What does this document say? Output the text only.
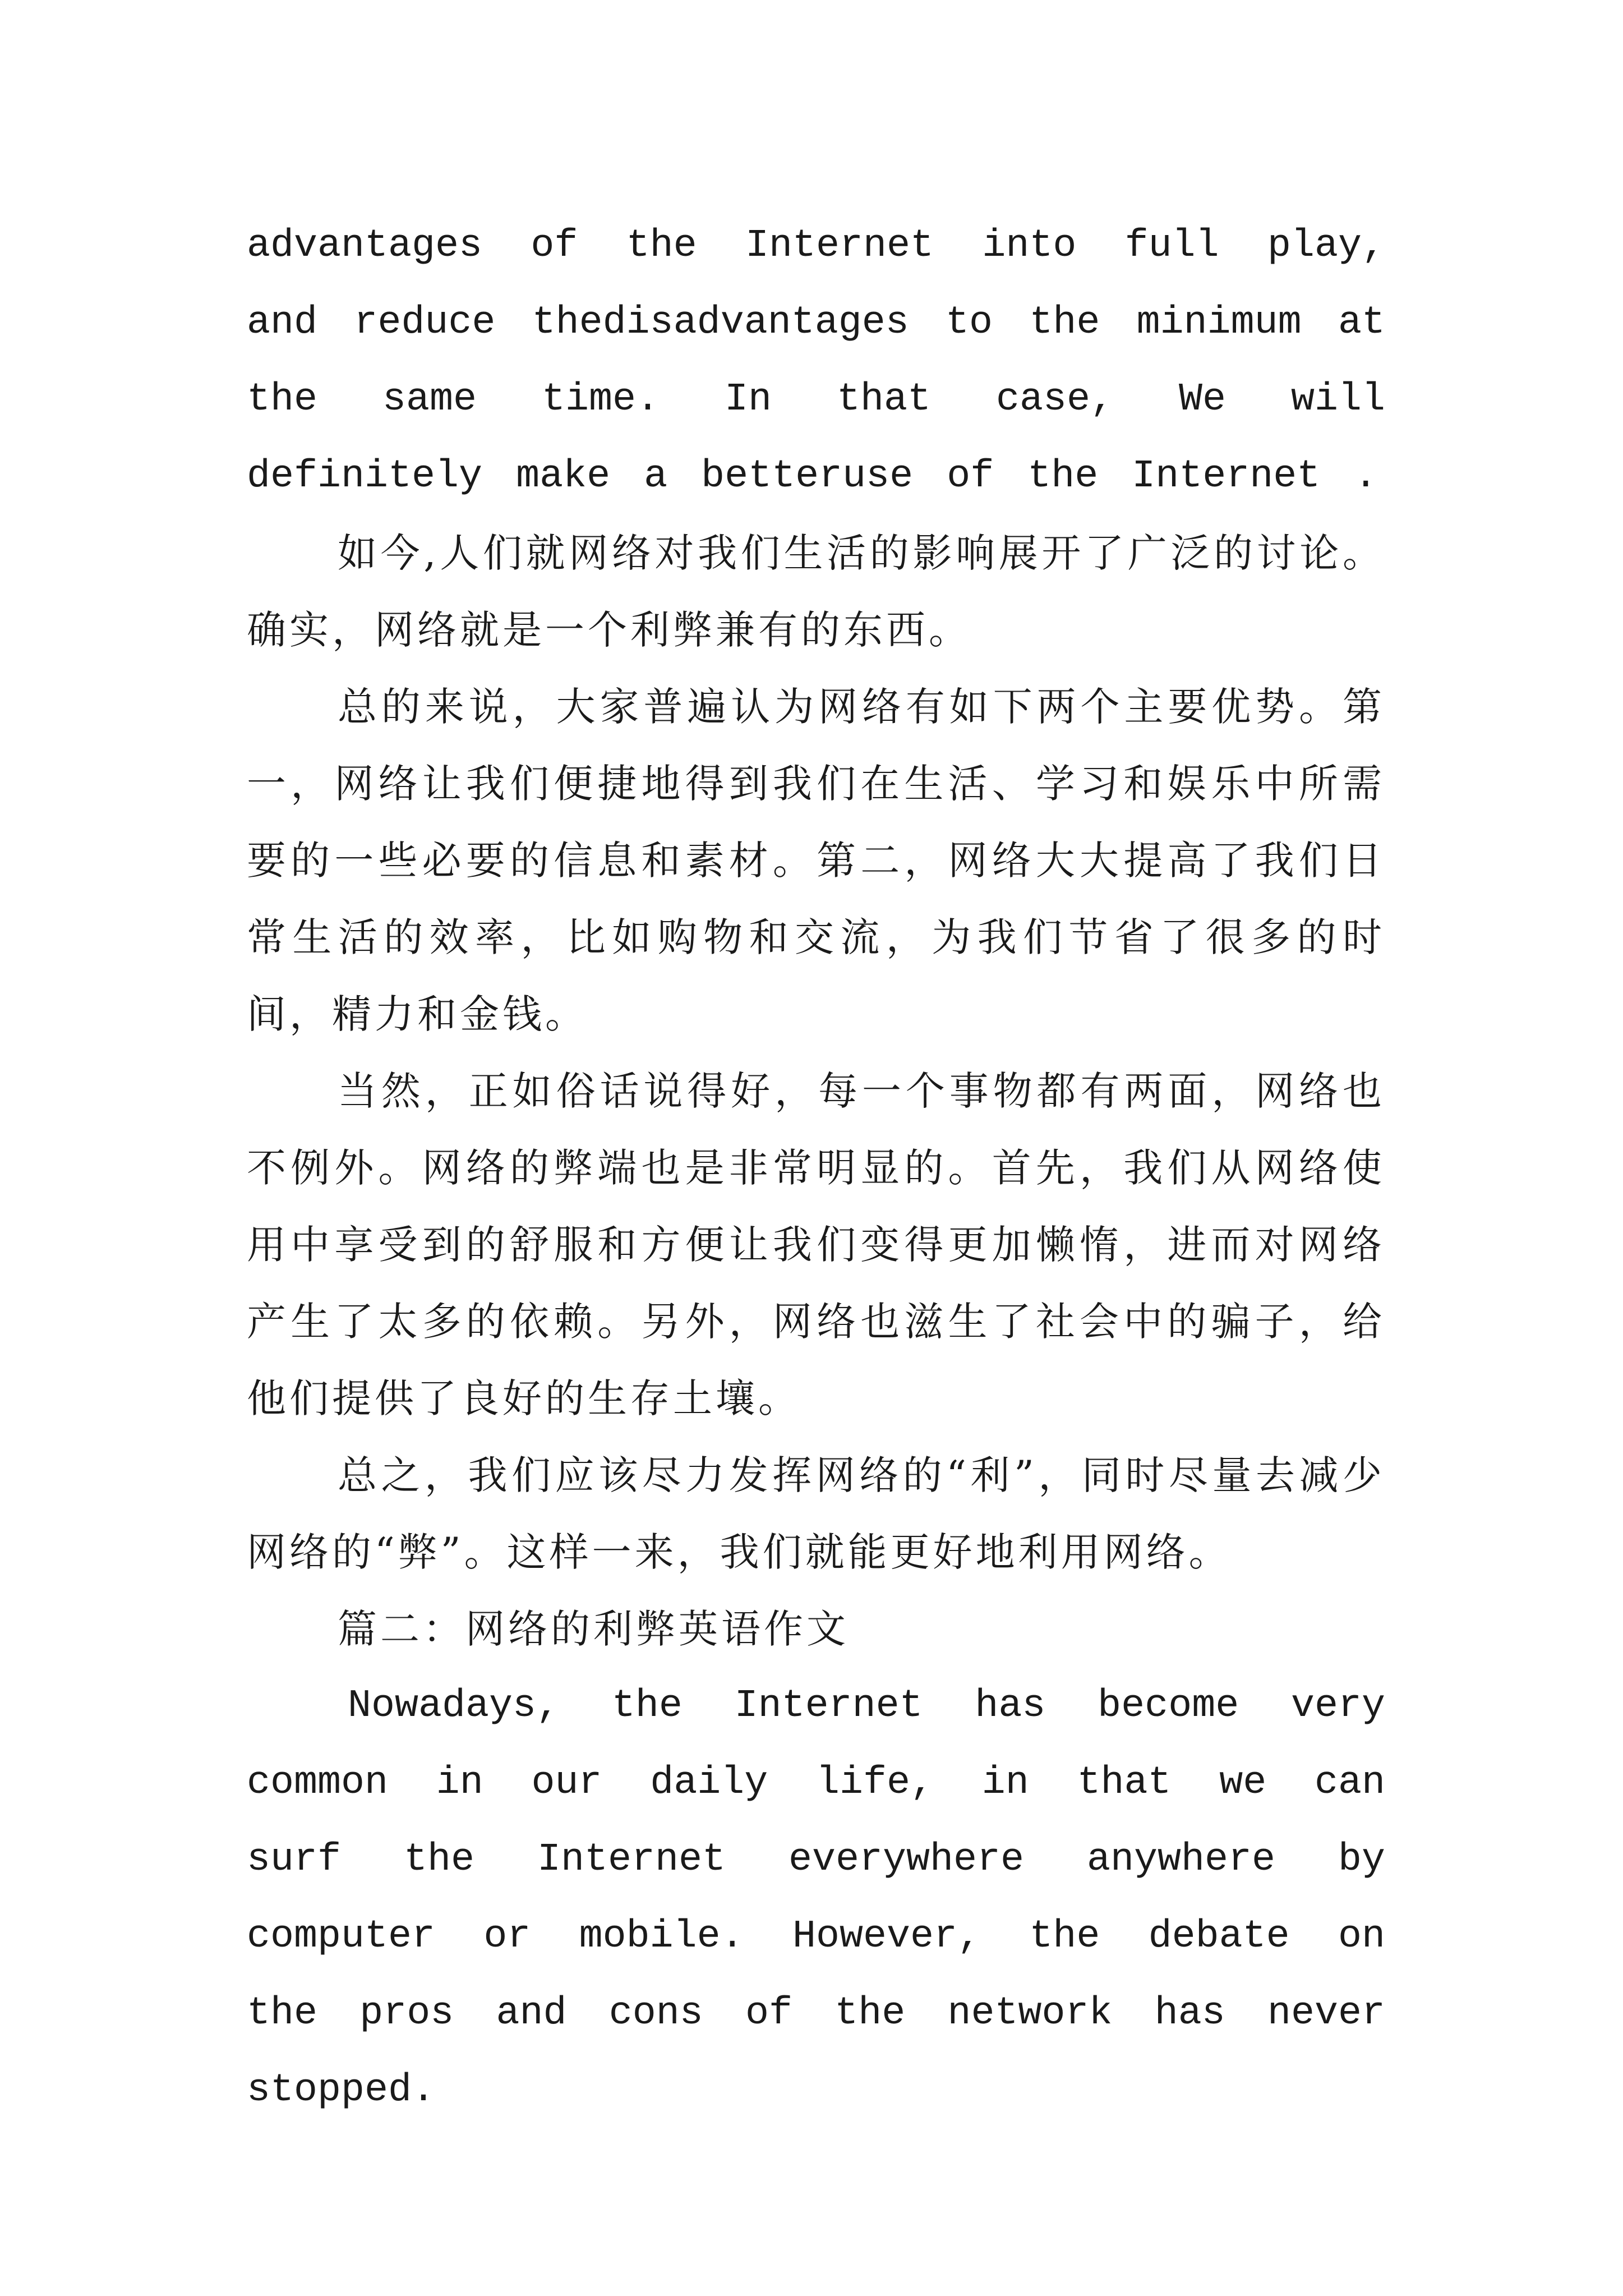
advantages of the Internet into full play, and reduce thedisadvantages to the minimum at the same time. In that case, We will definitely make a betteruse of the Internet .

如今,人们就网络对我们生活的影响展开了广泛的讨论。确实，网络就是一个利弊兼有的东西。

总的来说，大家普遍认为网络有如下两个主要优势。第一，网络让我们便捷地得到我们在生活、学习和娱乐中所需要的一些必要的信息和素材。第二，网络大大提高了我们日常生活的效率，比如购物和交流，为我们节省了很多的时间，精力和金钱。

当然，正如俗话说得好，每一个事物都有两面，网络也不例外。网络的弊端也是非常明显的。首先，我们从网络使用中享受到的舒服和方便让我们变得更加懒惰，进而对网络产生了太多的依赖。另外，网络也滋生了社会中的骗子，给他们提供了良好的生存土壤。

总之，我们应该尽力发挥网络的“利”，同时尽量去减少网络的“弊”。这样一来，我们就能更好地利用网络。

篇二：网络的利弊英语作文

Nowadays, the Internet has become very common in our daily life, in that we can surf the Internet everywhere anywhere by computer or mobile. However, the debate on the pros and cons of the network has never stopped.
